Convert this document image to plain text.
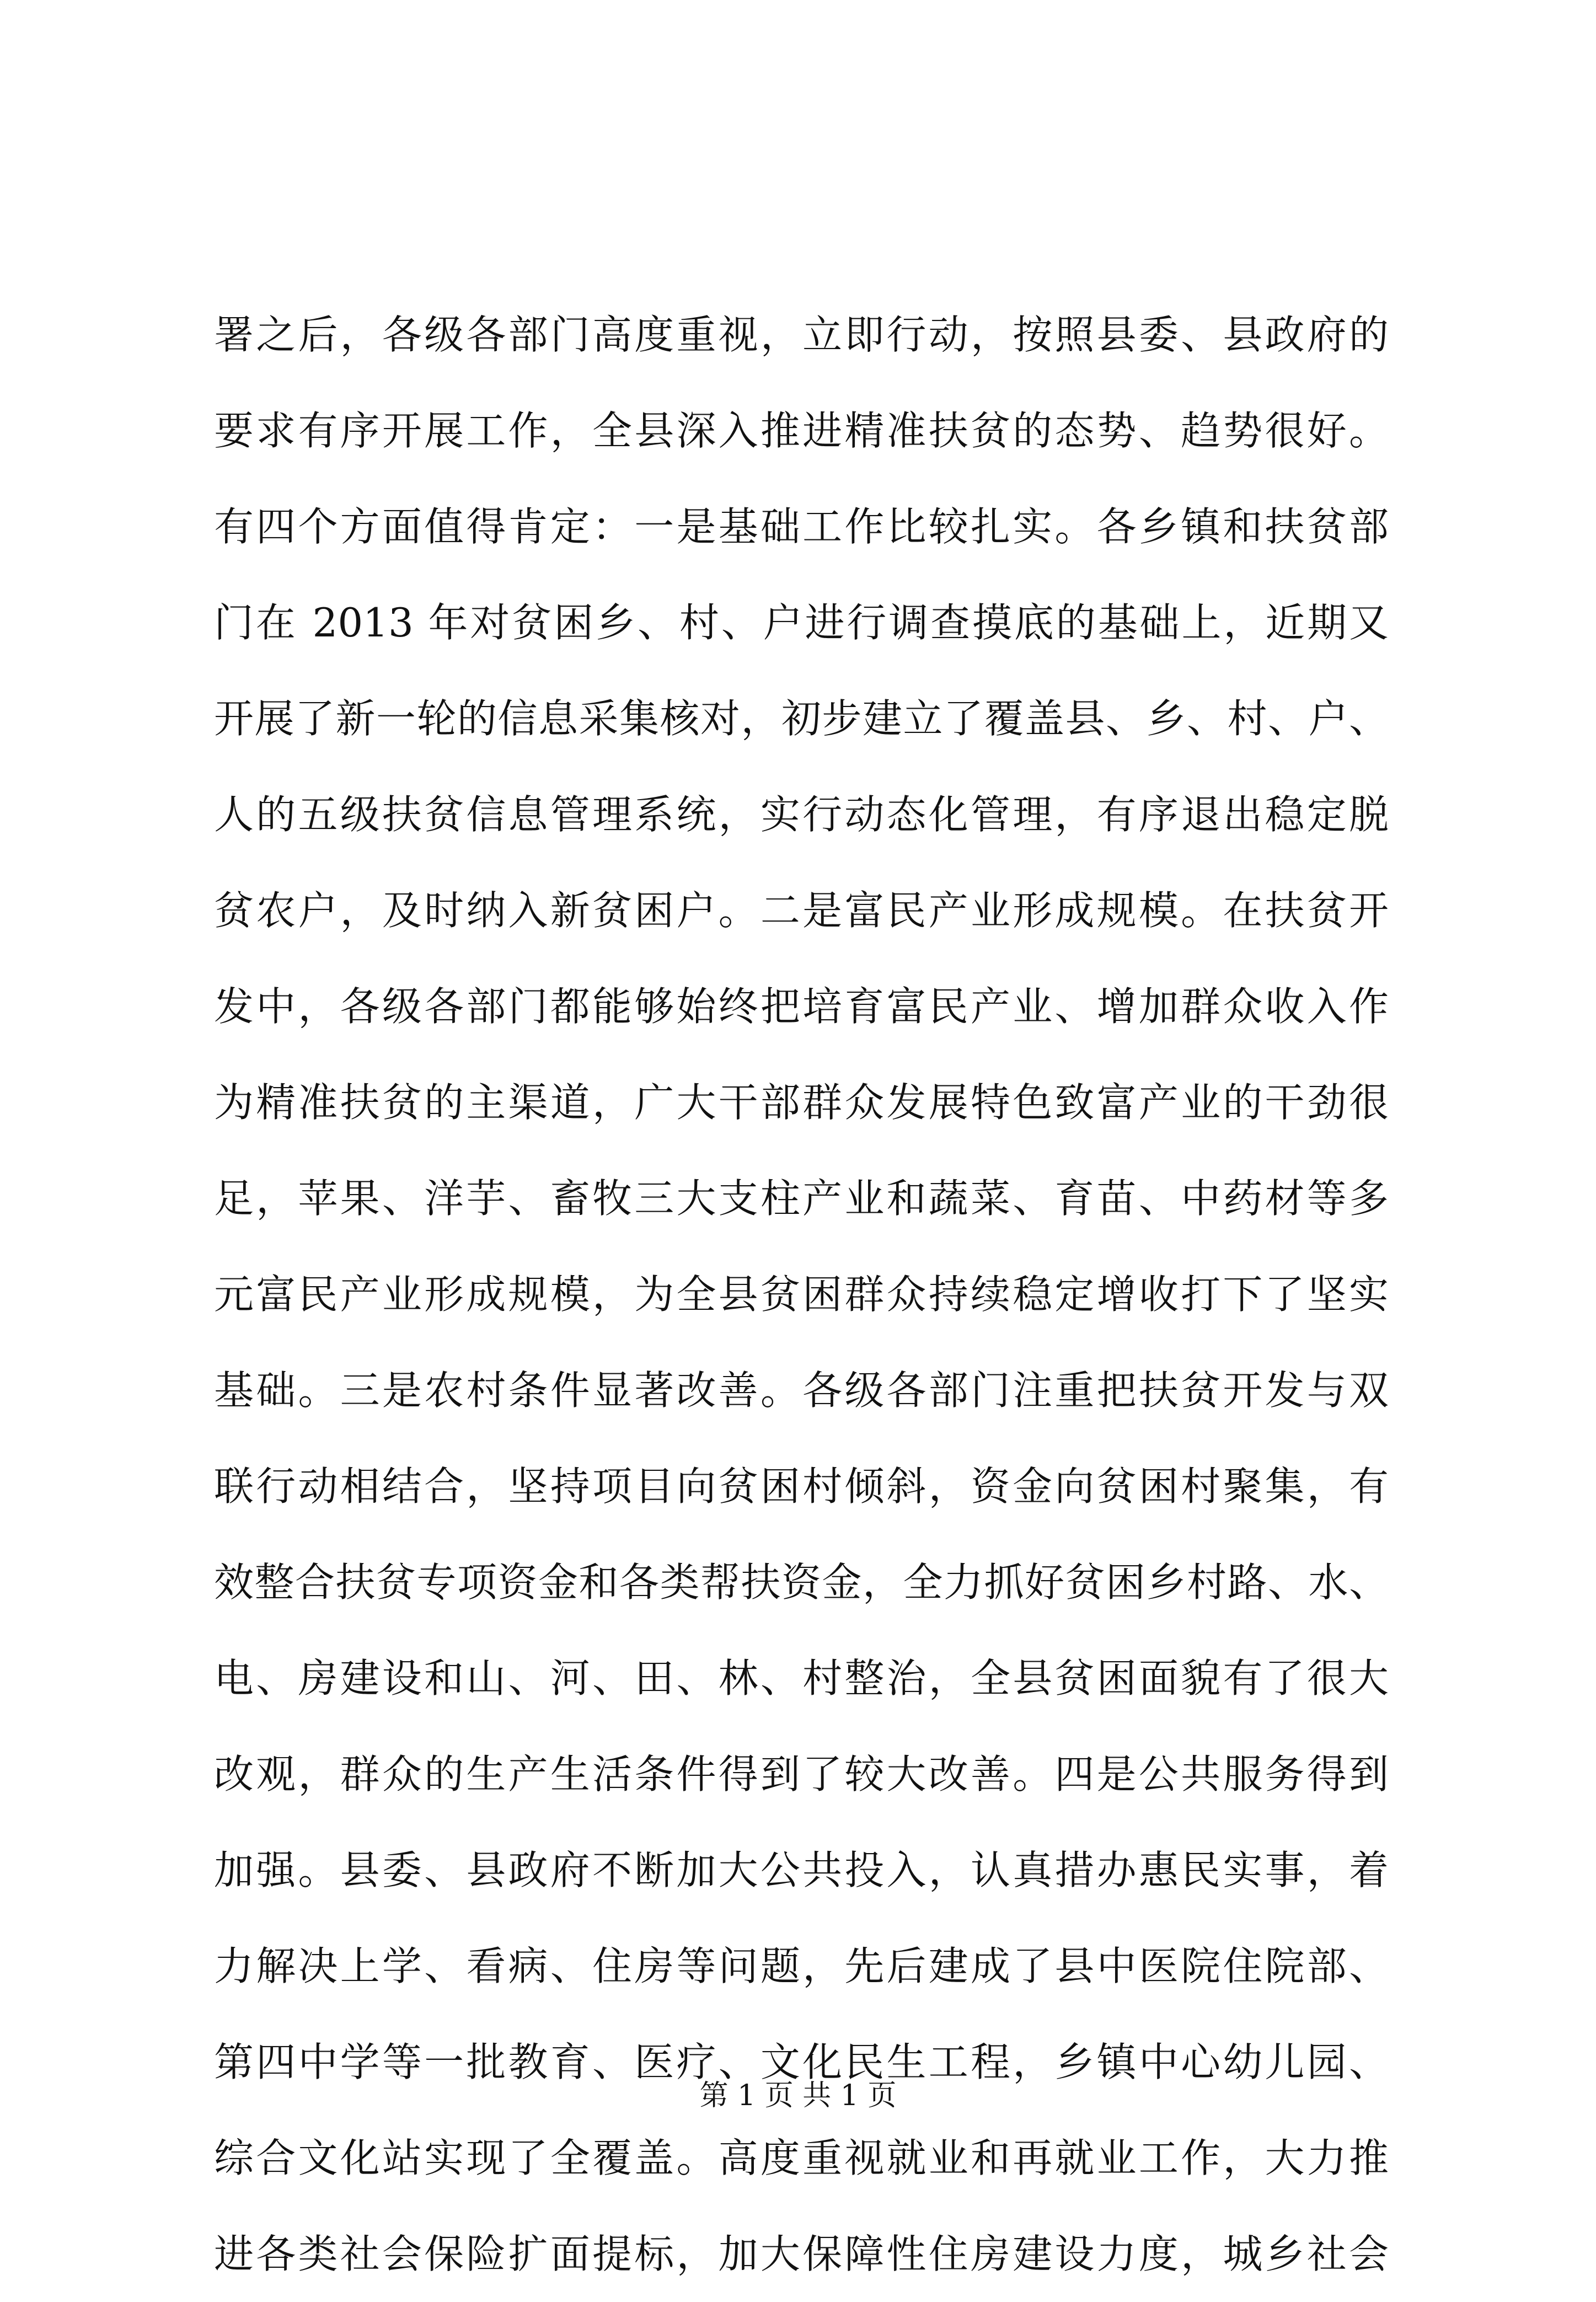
署之后，各级各部门高度重视，立即行动，按照县委、县政府的
要求有序开展工作，全县深入推进精准扶贫的态势、趋势很好。
有四个方面值得肯定：一是基础工作比较扎实。各乡镇和扶贫部
门在 2013 年对贫困乡、村、户进行调查摸底的基础上，近期又
开展了新一轮的信息采集核对，初步建立了覆盖县、乡、村、户、
人的五级扶贫信息管理系统，实行动态化管理，有序退出稳定脱
贫农户，及时纳入新贫困户。二是富民产业形成规模。在扶贫开
发中，各级各部门都能够始终把培育富民产业、增加群众收入作
为精准扶贫的主渠道，广大干部群众发展特色致富产业的干劲很
足，苹果、洋芋、畜牧三大支柱产业和蔬菜、育苗、中药材等多
元富民产业形成规模，为全县贫困群众持续稳定增收打下了坚实
基础。三是农村条件显著改善。各级各部门注重把扶贫开发与双
联行动相结合，坚持项目向贫困村倾斜，资金向贫困村聚集，有
效整合扶贫专项资金和各类帮扶资金，全力抓好贫困乡村路、水、
电、房建设和山、河、田、林、村整治，全县贫困面貌有了很大
改观，群众的生产生活条件得到了较大改善。四是公共服务得到
加强。县委、县政府不断加大公共投入，认真措办惠民实事，着
力解决上学、看病、住房等问题，先后建成了县中医院住院部、
第四中学等一批教育、医疗、文化民生工程，乡镇中心幼儿园、
综合文化站实现了全覆盖。高度重视就业和再就业工作，大力推
进各类社会保险扩面提标，加大保障性住房建设力度，城乡社会
第 1 页 共 1 页
